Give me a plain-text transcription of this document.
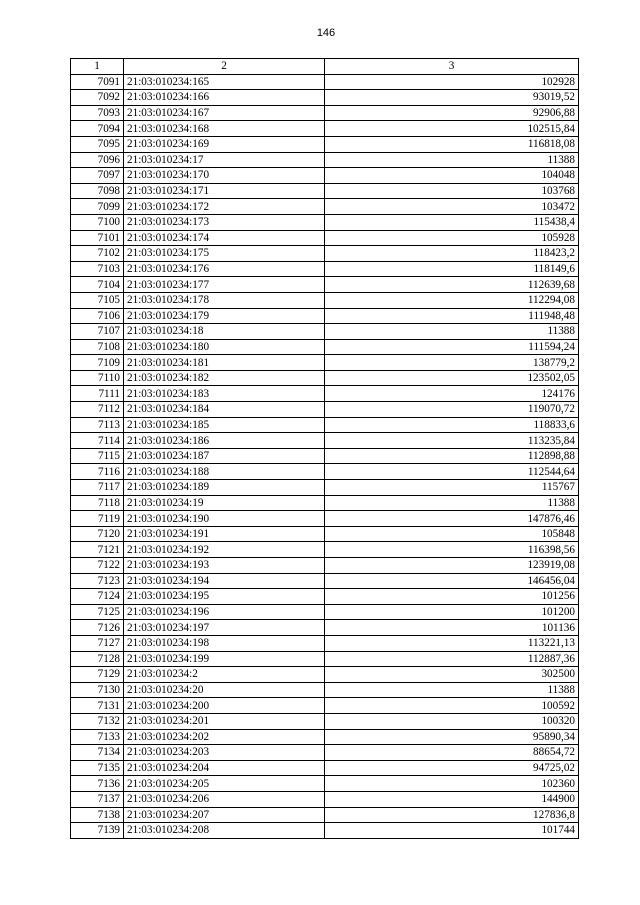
146
1	2	3
7091	21:03:010234:165	102928
7092	21:03:010234:166	93019,52
7093	21:03:010234:167	92906,88
7094	21:03:010234:168	102515,84
7095	21:03:010234:169	116818,08
7096	21:03:010234:17	11388
7097	21:03:010234:170	104048
7098	21:03:010234:171	103768
7099	21:03:010234:172	103472
7100	21:03:010234:173	115438,4
7101	21:03:010234:174	105928
7102	21:03:010234:175	118423,2
7103	21:03:010234:176	118149,6
7104	21:03:010234:177	112639,68
7105	21:03:010234:178	112294,08
7106	21:03:010234:179	111948,48
7107	21:03:010234:18	11388
7108	21:03:010234:180	111594,24
7109	21:03:010234:181	138779,2
7110	21:03:010234:182	123502,05
7111	21:03:010234:183	124176
7112	21:03:010234:184	119070,72
7113	21:03:010234:185	118833,6
7114	21:03:010234:186	113235,84
7115	21:03:010234:187	112898,88
7116	21:03:010234:188	112544,64
7117	21:03:010234:189	115767
7118	21:03:010234:19	11388
7119	21:03:010234:190	147876,46
7120	21:03:010234:191	105848
7121	21:03:010234:192	116398,56
7122	21:03:010234:193	123919,08
7123	21:03:010234:194	146456,04
7124	21:03:010234:195	101256
7125	21:03:010234:196	101200
7126	21:03:010234:197	101136
7127	21:03:010234:198	113221,13
7128	21:03:010234:199	112887,36
7129	21:03:010234:2	302500
7130	21:03:010234:20	11388
7131	21:03:010234:200	100592
7132	21:03:010234:201	100320
7133	21:03:010234:202	95890,34
7134	21:03:010234:203	88654,72
7135	21:03:010234:204	94725,02
7136	21:03:010234:205	102360
7137	21:03:010234:206	144900
7138	21:03:010234:207	127836,8
7139	21:03:010234:208	101744
